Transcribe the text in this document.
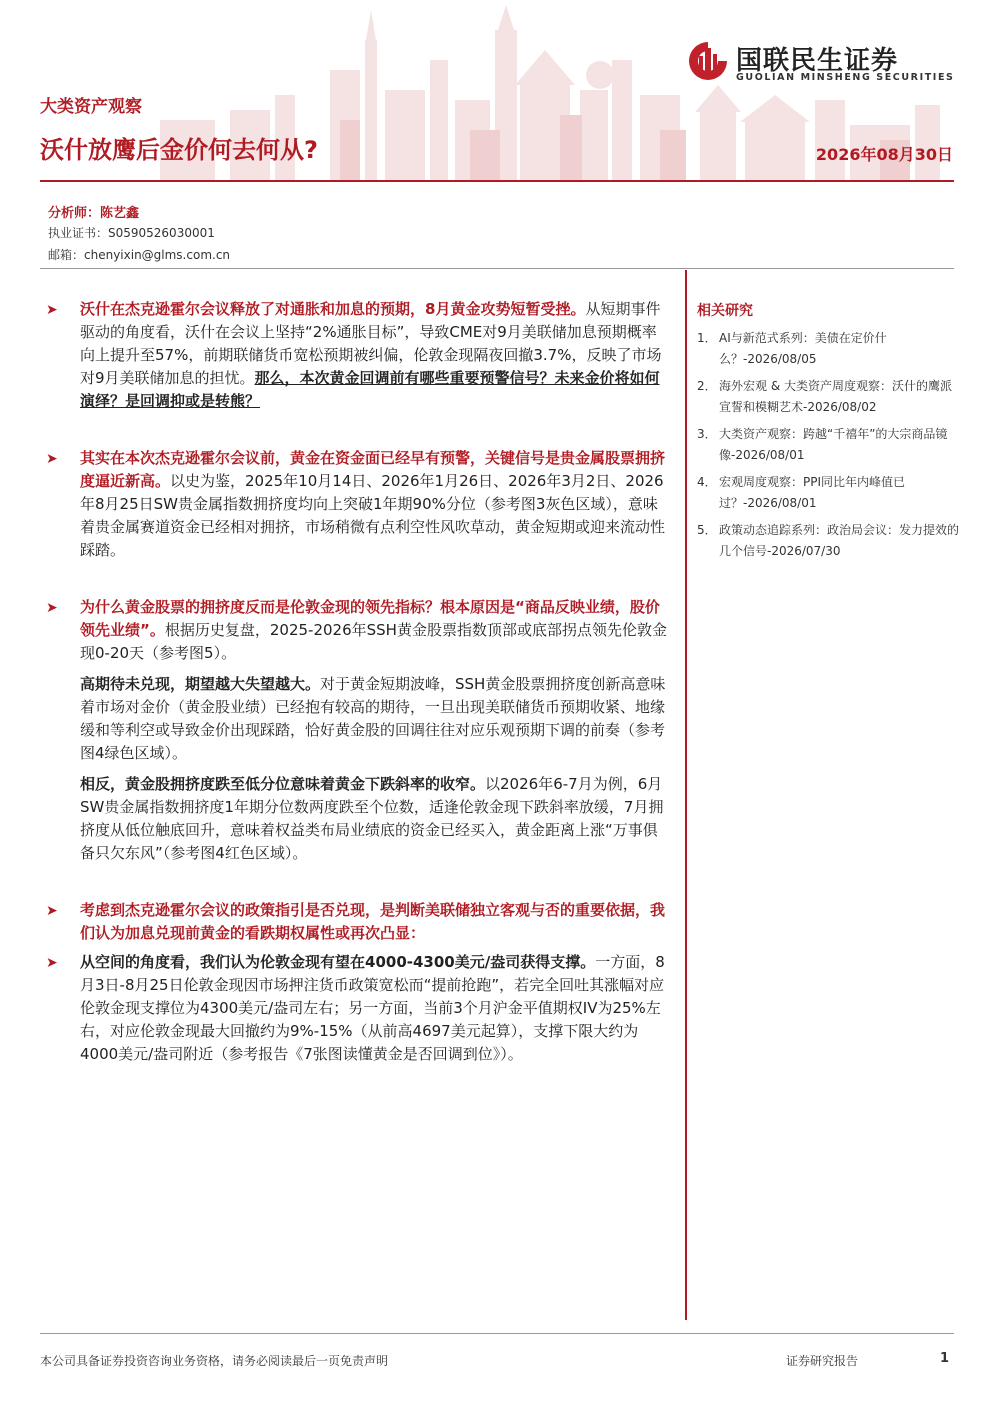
国联民生证券
GUOLIAN MINSHENG SECURITIES
大类资产观察
沃什放鹰后金价何去何从?	2026年08月30日
分析师：陈艺鑫
执业证书：S0590526030001
邮箱：chenyixin@glms.com.cn

➤ 沃什在杰克逊霍尔会议释放了对通胀和加息的预期，8月黄金攻势短暂受挫。从短期事件驱动的角度看，沃什在会议上坚持“2%通胀目标”，导致CME对9月美联储加息预期概率向上提升至57%，前期联储货币宽松预期被纠偏，伦敦金现隔夜回撤3.7%，反映了市场对9月美联储加息的担忧。那么，本次黄金回调前有哪些重要预警信号？未来金价将如何演绎？是回调抑或是转熊？

➤ 其实在本次杰克逊霍尔会议前，黄金在资金面已经早有预警，关键信号是贵金属股票拥挤度逼近新高。以史为鉴，2025年10月14日、2026年1月26日、2026年3月2日、2026年8月25日SW贵金属指数拥挤度均向上突破1年期90%分位（参考图3灰色区域），意味着贵金属赛道资金已经相对拥挤，市场稍微有点利空性风吹草动，黄金短期或迎来流动性踩踏。

➤ 为什么黄金股票的拥挤度反而是伦敦金现的领先指标？根本原因是“商品反映业绩，股价领先业绩”。根据历史复盘，2025-2026年SSH黄金股票指数顶部或底部拐点领先伦敦金现0-20天（参考图5）。

高期待未兑现，期望越大失望越大。对于黄金短期波峰，SSH黄金股票拥挤度创新高意味着市场对金价（黄金股业绩）已经抱有较高的期待，一旦出现美联储货币预期收紧、地缘缓和等利空或导致金价出现踩踏，恰好黄金股的回调往往对应乐观预期下调的前奏（参考图4绿色区域）。

相反，黄金股拥挤度跌至低分位意味着黄金下跌斜率的收窄。以2026年6-7月为例，6月SW贵金属指数拥挤度1年期分位数两度跌至个位数，适逢伦敦金现下跌斜率放缓，7月拥挤度从低位触底回升，意味着权益类布局业绩底的资金已经买入，黄金距离上涨“万事俱备只欠东风”（参考图4红色区域）。

➤ 考虑到杰克逊霍尔会议的政策指引是否兑现，是判断美联储独立客观与否的重要依据，我们认为加息兑现前黄金的看跌期权属性或再次凸显：

➤ 从空间的角度看，我们认为伦敦金现有望在4000-4300美元/盎司获得支撑。一方面，8月3日-8月25日伦敦金现因市场押注货币政策宽松而“提前抢跑”，若完全回吐其涨幅对应伦敦金现支撑位为4300美元/盎司左右；另一方面，当前3个月沪金平值期权IV为25%左右，对应伦敦金现最大回撤约为9%-15%（从前高4697美元起算），支撑下限大约为4000美元/盎司附近（参考报告《7张图读懂黄金是否回调到位》）。

相关研究
1． AI与新范式系列：美债在定价什么？-2026/08/05
2． 海外宏观 & 大类资产周度观察：沃什的鹰派宣誓和模糊艺术-2026/08/02
3． 大类资产观察：跨越“千禧年”的大宗商品镜像-2026/08/01
4． 宏观周度观察：PPI同比年内峰值已过？-2026/08/01
5． 政策动态追踪系列：政治局会议：发力提效的几个信号-2026/07/30
本公司具备证券投资咨询业务资格，请务必阅读最后一页免责声明	证券研究报告	1
